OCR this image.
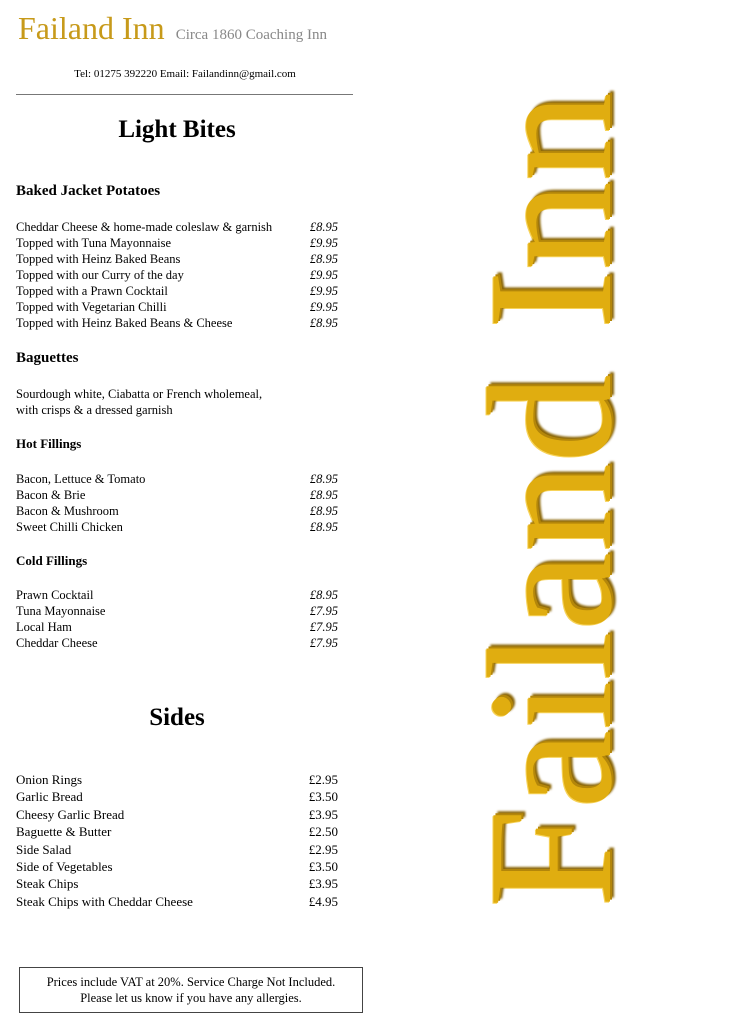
Failand Inn Circa 1860 Coaching Inn
Tel: 01275 392220 Email: Failandinn@gmail.com
Light Bites
Baked Jacket Potatoes
Cheddar Cheese & home-made coleslaw & garnish	£8.95
Topped with Tuna Mayonnaise	£9.95
Topped with Heinz Baked Beans	£8.95
Topped with our Curry of the day	£9.95
Topped with a Prawn Cocktail	£9.95
Topped with Vegetarian Chilli	£9.95
Topped with Heinz Baked Beans & Cheese	£8.95
Baguettes
Sourdough white, Ciabatta or French wholemeal,
with crisps & a dressed garnish
Hot Fillings
Bacon, Lettuce & Tomato	£8.95
Bacon & Brie	£8.95
Bacon & Mushroom	£8.95
Sweet Chilli Chicken	£8.95
Cold Fillings
Prawn Cocktail	£8.95
Tuna Mayonnaise	£7.95
Local Ham	£7.95
Cheddar Cheese	£7.95
Sides
Onion Rings	£2.95
Garlic Bread	£3.50
Cheesy Garlic Bread	£3.95
Baguette & Butter	£2.50
Side Salad	£2.95
Side of Vegetables	£3.50
Steak Chips	£3.95
Steak Chips with Cheddar Cheese	£4.95
Prices include VAT at 20%. Service Charge Not Included.
Please let us know if you have any allergies.
Failand Inn
